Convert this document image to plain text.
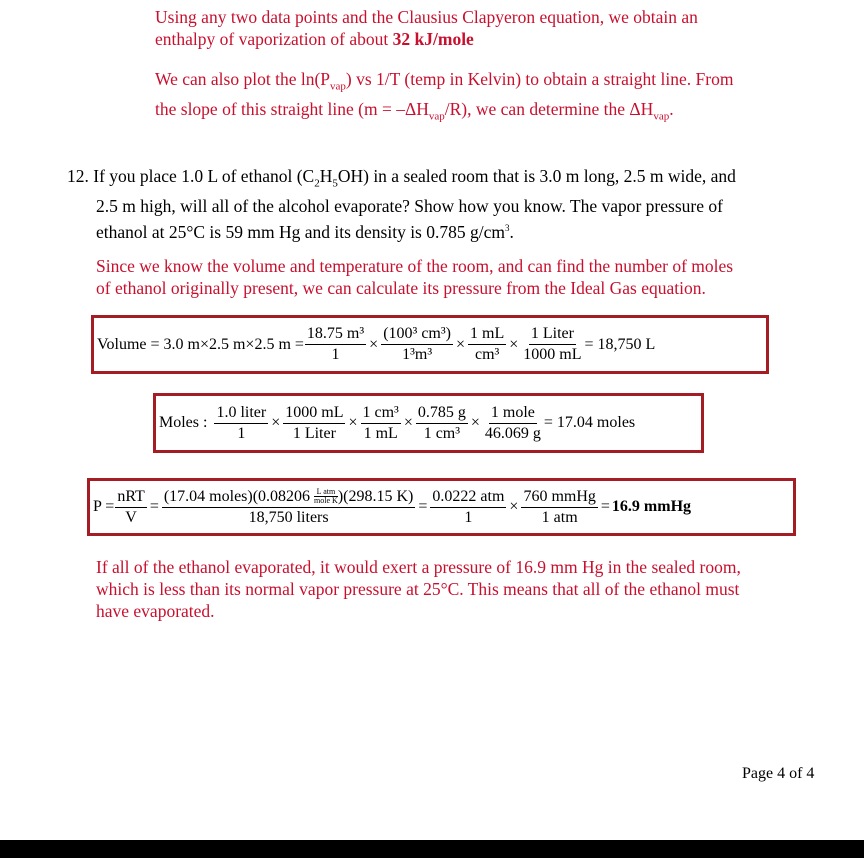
Using any two data points and the Clausius Clapyeron equation, we obtain an
enthalpy of vaporization of about 32 kJ/mole
We can also plot the $\ln(P_{vap})$ vs 1/T (temp in Kelvin) to obtain a straight line. From
the slope of this straight line $(m = -\Delta H_{vap}/R)$, we can determine the $\Delta H_{vap}$.
12. If you place 1.0 L of ethanol $(C_2H_5OH)$ in a sealed room that is 3.0 m long, 2.5 m wide, and
2.5 m high, will all of the alcohol evaporate? Show how you know. The vapor pressure of
ethanol at 25°C is 59 mm Hg and its density is 0.785 $g/cm^3$.
Since we know the volume and temperature of the room, and can find the number of moles
of ethanol originally present, we can calculate its pressure from the Ideal Gas equation.
Volume = 3.0 m×2.5 m×2.5 $m = \frac{\text{18.75 m³}}{1} \times \frac{\text{(100³ cm³)}}{\text{1³m³}} \times \frac{1 mL}{\text{cm³}} \times \frac{\text{1 Liter}}{1000 mL} = 18,750$ L
Moles : $\frac{\text{1.0 liter}}{1} \times \frac{1000 mL}{\text{1 Liter}} \times \frac{\text{1 cm³}}{1 mL} \times \frac{0.785 g}{\text{1 cm³}} \times \frac{\text{1 mole}}{46.069 g} = 17.04$ moles
$P = \frac{\text{nRT}}{V} = (17.04$ moles)(0.08206 L atm
mole K )(298.15 K)
18,750 liters = $\frac{\text{0.0222 atm}}{1} \times \frac{\text{760 mmHg}}{\text{1 atm}} = 16.9$ mmHg
If all of the ethanol evaporated, it would exert a pressure of 16.9 mm Hg in the sealed room,
which is less than its normal vapor pressure at 25°C. This means that all of the ethanol must
have evaporated.
Page 4 of 4
